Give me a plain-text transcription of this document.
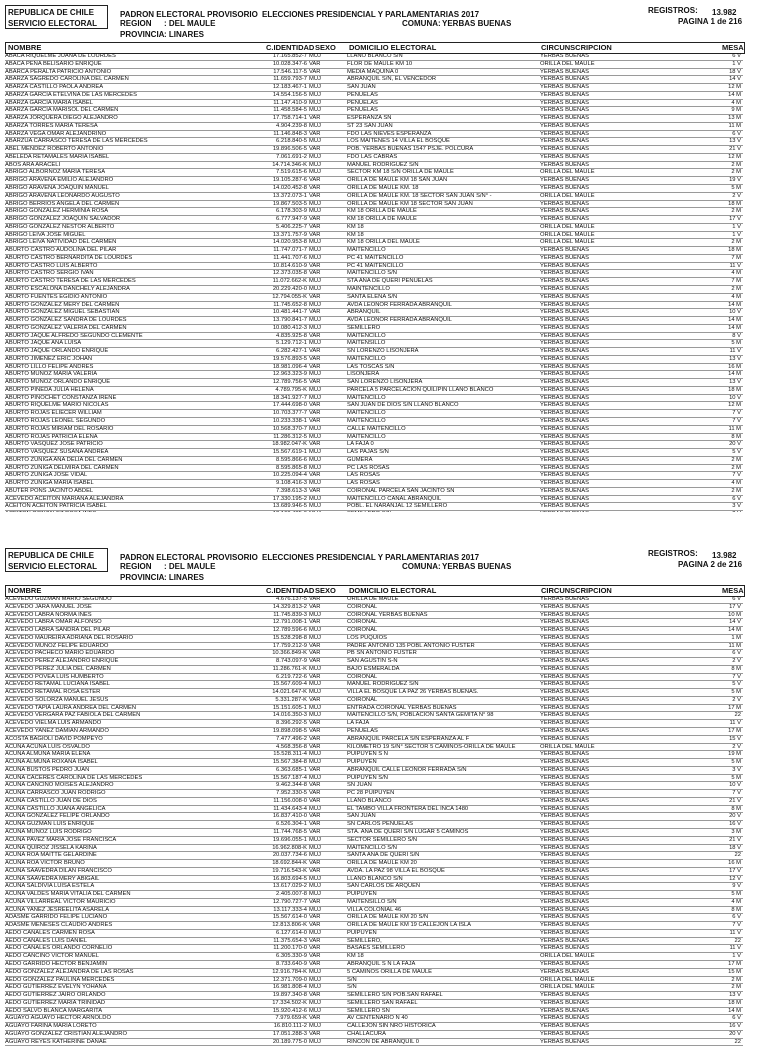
REPUBLICA DE CHILE
SERVICIO ELECTORAL
PADRON ELECTORAL PROVISORIO ELECCIONES PRESIDENCIAL Y PARLAMENTARIAS 2017
REGION : DEL MAULE
PROVINCIA : LINARES
COMUNA: YERBAS BUENAS
REGISTROS: 13.982
PAGINA 1 de 216
NOMBRE	C.IDENTIDAD SEXO DOMICILIO ELECTORAL	CIRCUNSCRIPCION	MESA
ABACA RIQUELME JUANA DE LOURDES	17.165.852-7 MUJ	LLANO BLANCO S/N	YERBAS BUENAS	6 V
ABACA PEÑA BELISARIO ENRIQUE	10.028.347-6 VAR	FLOR DE MAULE KM 10	ORILLA DEL MAULE	1 V
ABARCA PERALTA PATRICIO ANTONIO	17.546.117-5 VAR	MEDIA MAQUINA 0	YERBAS BUENAS	18 V
ABARZA SAGREDO CAROLINA DEL CARMEN	11.659.793-7 MUJ	ABRANQUIL S/N, EL VENCEDOR	YERBAS BUENAS	14 V
ABARZA CASTILLO PAOLA ANDREA	12.183.467-1 MUJ	SAN JUAN	YERBAS BUENAS	12 M
ABARZA GARCIA ETELVINA DE LAS MERCEDES	14.554.156-5 MUJ	PEÑUELAS	YERBAS BUENAS	14 M
ABARZA GARCIA MARIA ISABEL	11.147.410-9 MUJ	PEÑUELAS	YERBAS BUENAS	4 M
ABARZA GARCIA MARISOL DEL CARMEN	11.458.584-5 MUJ	PEÑUELAS	YERBAS BUENAS	9 M
ABARZA JORQUERA DIEGO ALEJANDRO	17.758.714-1 VAR	ESPERANZA SN	YERBAS BUENAS	13 M
ABARZA TORRES MARIA TERESA	4.904.239-8 MUJ	ST 23 SAN JUAN	YERBAS BUENAS	11 M
ABARZA VEGA OMAR ALEJANDRINO	11.146.848-3 VAR	FDO LAS NIEVES ESPERANZA	YERBAS BUENAS	6 V
ABARZUA CARRASCO TERESA DE LAS MERCEDES	6.218.840-5 MUJ	LOS MAITENES 14 VILLA EL BOSQUE	YERBAS BUENAS	13 V
ABEL MENDEZ ROBERTO ANTONIO	19.896.506-5 VAR	POB. YERBAS BUENAS 1547 PSJE. POLCURA	YERBAS BUENAS	21 V
ABELEDA RETAMALES MARIA ISABEL	7.061.691-2 MUJ	FDO LAS CABRAS	YERBAS BUENAS	12 M
ABOS ARA ARACELI	14.714.346-K MUJ	MANUEL RODRIGUEZ S/N	YERBAS BUENAS	2 M
ABRIGO ALBORNOZ MARIA TERESA	7.519.615-6 MUJ	SECTOR KM 18 S/N ORILLA DE MAULE	ORILLA DEL MAULE	2 M
ABRIGO ARAVENA EMILIO ALEJANDRO	19.105.287-6 VAR	ORILLA DE MAULE KM 18 SAN JUAN	YERBAS BUENAS	19 V
ABRIGO ARAVENA JOAQUIN MANUEL	14.020.452-8 VAR	ORILLA DE MAULE KM. 18	YERBAS BUENAS	5 M
ABRIGO ARAVENA LEONARDO AUGUSTO	13.372.073-1 VAR	ORILLA DE MAULE KM. 18 SECTOR SAN JUAN S/N° -	ORILLA DEL MAULE	2 V
ABRIGO BERRIOS ANGELA DEL CARMEN	19.867.503-5 MUJ	ORILLA DE MAULE KM 18 SECTOR SAN JUAN	YERBAS BUENAS	18 M
ABRIGO GONZALEZ HERMINIA ROSA	6.178.303-9 MUJ	KM 18 ORILLA DE MAULE	YERBAS BUENAS	2 M
ABRIGO GONZALEZ JOAQUIN SALVADOR	6.777.947-9 VAR	KM 18 ORILLA DE MAULE	YERBAS BUENAS	17 V
ABRIGO GONZALEZ NESTOR ALBERTO	5.406.225-7 VAR	KM 18	ORILLA DEL MAULE	1 V
ABRIGO LEIVA JOSE MIGUEL	13.371.757-9 VAR	KM 18	ORILLA DEL MAULE	1 V
ABRIGO LEIVA NATIVIDAD DEL CARMEN	14.020.953-8 MUJ	KM 18 ORILLA DEL MAULE	ORILLA DEL MAULE	2 M
ABURTO CASTRO AUDOLINA DEL PILAR	11.747.071-7 MUJ	MAITENCILLO	YERBAS BUENAS	18 M
ABURTO CASTRO BERNARDITA DE LOURDES	11.441.707-6 MUJ	PC 41 MAITENCILLO	YERBAS BUENAS	7 M
ABURTO CASTRO LUIS ALBERTO	10.814.610-9 VAR	PC 41 MAITENCILLO	YERBAS BUENAS	11 V
ABURTO CASTRO SERGIO IVAN	12.373.035-8 VAR	MAITENCILLO S/N	YERBAS BUENAS	4 M
ABURTO CASTRO TERESA DE LAS MERCEDES	11.072.662-K MUJ	STA ANA DE QUERI PEÑUELAS	YERBAS BUENAS	7 M
ABURTO ESCALONA DANCHELY ALEJANDRA	20.229.420-0 MUJ	MAINTENCILLO	YERBAS BUENAS	2 M
ABURTO FUENTES EGIDIO ANTONIO	12.794.055-K VAR	SANTA ELENA S/N	YERBAS BUENAS	4 M
ABURTO GONZALEZ MERY DEL CARMEN	11.745.652-8 MUJ	AVDA LEONOR FERRADA ABRANQUIL	YERBAS BUENAS	14 M
ABURTO GONZALEZ MIGUEL SEBASTIAN	10.481.441-7 VAR	ABRANQUIL	YERBAS BUENAS	10 V
ABURTO GONZALEZ SANDRA DE LOURDES	13.790.841-7 MUJ	AVDA LEONOR FERRADA ABRANQUIL	YERBAS BUENAS	14 M
ABURTO GONZALEZ VALERIA DEL CARMEN	10.080.412-3 MUJ	SEMILLERO	YERBAS BUENAS	14 M
ABURTO JAQUE ALFREDO SEGUNDO CLEMENTE	4.835.925-8 VAR	MAITENCILLO	YERBAS BUENAS	8 V
ABURTO JAQUE ANA LUISA	5.129.712-1 MUJ	MAITENSILLO	YERBAS BUENAS	5 M
ABURTO JAQUE ORLANDO ENRIQUE	6.282.427-1 VAR	SN LORENZO LISONJERA	YERBAS BUENAS	11 V
ABURTO JIMENEZ ERIC JOHAN	19.576.893-5 VAR	MAITENCILLO	YERBAS BUENAS	13 V
ABURTO LILLO FELIPE ANDRES	18.981.096-4 VAR	LAS TOSCAS S/N	YERBAS BUENAS	16 M
ABURTO MUÑOZ MARIA VALERIA	12.963.323-9 MUJ	LISONJERA	YERBAS BUENAS	14 M
ABURTO MUÑOZ ORLANDO ENRIQUE	12.789.756-5 VAR	SAN LORENZO LISONJERA	YERBAS BUENAS	13 V
ABURTO PINEDA JULIA HELENA	4.789.795-K MUJ	PARCELA 5 PARCELACION QUILIPIN LLANO BLANCO	YERBAS BUENAS	18 M
ABURTO PINOCHET CONSTANZA IRENE	18.341.927-7 MUJ	MAITENCILLO	YERBAS BUENAS	10 V
ABURTO RIQUELME MARIO NICOLAS	17.444.698-0 VAR	SAN JUAN DE DIOS S/N LLANO BLANCO	YERBAS BUENAS	12 M
ABURTO ROJAS ELIECER WILLIAM	10.703.377-7 VAR	MAITENCILLO	YERBAS BUENAS	7 V
ABURTO ROJAS LEONEL SEGUNDO	10.233.338-1 VAR	MAITENCILLO	YERBAS BUENAS	7 V
ABURTO ROJAS MIRIAM DEL ROSARIO	10.568.370-7 MUJ	CALLE MAITENCILLO	YERBAS BUENAS	11 M
ABURTO ROJAS PATRICIA ELENA	11.286.312-5 MUJ	MAITENCILLO	YERBAS BUENAS	8 M
ABURTO VASQUEZ JOSE PATRICIO	18.982.047-K VAR	LA FAJA 0	YERBAS BUENAS	20 V
ABURTO VASQUEZ SUSANA ANDREA	15.567.619-1 MUJ	LAS PAJAS S/N	YERBAS BUENAS	5 V
ABURTO ZUÑIGA ANA DELIA DEL CARMEN	8.595.866-6 MUJ	GUMERA	YERBAS BUENAS	2 M
ABURTO ZUÑIGA DELMIRA DEL CARMEN	8.595.865-8 MUJ	PC LAS ROSAS	YERBAS BUENAS	2 M
ABURTO ZUÑIGA JOSE VIDAL	10.225.094-4 VAR	LAS ROSAS	YERBAS BUENAS	7 V
ABURTO ZUÑIGA MARIA ISABEL	9.108.416-3 MUJ	LAS ROSAS	YERBAS BUENAS	4 M
ABUTER PONS JACINTO ABDEL	7.398.613-3 VAR	COIRONAL PARCELA SAN JACINTO SN	YERBAS BUENAS	2 M
ACEVEDO ACEITON MARIANA ALEJANDRA	17.330.195-2 MUJ	MAITENCILLO CANAL ABRANQUIL	YERBAS BUENAS	6 V
ACEITON ACEITON PATRICIA ISABEL	13.689.946-5 MUJ	POBL. EL NARANJAL 12 SEMILLERO	YERBAS BUENAS	3 V
REPUBLICA DE CHILE
SERVICIO ELECTORAL
PADRON ELECTORAL PROVISORIO ELECCIONES PRESIDENCIAL Y PARLAMENTARIAS 2017
REGION : DEL MAULE
PROVINCIA : LINARES
COMUNA: YERBAS BUENAS
REGISTROS: 13.982
PAGINA 2 de 216
NOMBRE	C.IDENTIDAD SEXO DOMICILIO ELECTORAL	CIRCUNSCRIPCION	MESA
ACEVEDO GUZMAN MARIO SEGUNDO	4.676.137-5 VAR	ORILLA DE MAULE	YERBAS BUENAS	6 V
ACEVEDO JARA MANUEL JOSE	14.329.813-2 VAR	COIRONAL	YERBAS BUENAS	17 V
ACEVEDO LABRA NORMA INES	11.745.839-3 MUJ	COIRONAL YERBAS BUENAS	YERBAS BUENAS	10 M
ACEVEDO LABRA OMAR ALFONSO	12.791.008-1 VAR	COIRONAL	YERBAS BUENAS	14 V
ACEVEDO LABRA SANDRA DEL PILAR	12.789.596-6 MUJ	COIRONAL	YERBAS BUENAS	14 M
ACEVEDO MAUREIRA ADRIANA DEL ROSARIO	15.528.298-8 MUJ	LOS PUQUIOS	YERBAS BUENAS	1 M
ACEVEDO MUÑOZ FELIPE EDUARDO	17.759.212-9 VAR	PADRE ANTONIO 135 POBL ANTONIO FUSTER	YERBAS BUENAS	11 M
ACEVEDO PACHECO MARIO EDUARDO	10.366.849-K VAR	PB SN ANTONIO FUSTER	YERBAS BUENAS	6 V
ACEVEDO PEREZ ALEJANDRO ENRIQUE	8.743.097-9 VAR	SAN AGUSTIN S-N	YERBAS BUENAS	2 V
ACEVEDO PEREZ JULIA DEL CARMEN	11.286.761-K MUJ	BAJO ESMERALDA	YERBAS BUENAS	8 M
ACEVEDO POVEA LUIS HUMBERTO	6.219.722-6 VAR	COIRONAL	YERBAS BUENAS	7 V
ACEVEDO RETAMAL LUCIANA ISABEL	15.567.609-4 MUJ	MANUEL RODRIGUEZ S/N	YERBAS BUENAS	5 V
ACEVEDO RETAMAL ROSA ESTER	14.021.647-K MUJ	VILLA EL BOSQUE LA PAZ 26 YERBAS BUENAS.	YERBAS BUENAS	5 M
ACEVEDO SOLORZA MANUEL JESUS	5.331.287-K VAR	COIRONAL	YERBAS BUENAS	2 V
ACEVEDO TAPIA LAURA ANDREA DEL CARMEN	15.151.605-1 MUJ	ENTRADA COIRONAL YERBAS BUENAS	YERBAS BUENAS	17 M
ACEVEDO VERGARA PAZ FABIOLA DEL CARMEN	14.016.350-3 MUJ	MAITENCILLO S/N, POBLACION SANTA GEMITA N° 98	YERBAS BUENAS	22
ACEVEDO VIELMA LUIS ARMANDO	8.396.292-5 VAR	LA FAJA	YERBAS BUENAS	11 V
ACEVEDO YAÑEZ DAMIAN ARMANDO	19.898.098-5 VAR	PEÑUELAS	YERBAS BUENAS	17 M
ACOSTA BAGIOLI DAVID POMPEYO	7.477.496-2 VAR	ABRANQUIL PARCELA S/N ESPERANZA AL F	YERBAS BUENAS	15 V
ACUÑA ACUÑA LUIS OSVALDO	4.568.356-8 VAR	KILOMETRO 19 S/N° SECTOR 5 CAMINOS-ORILLA DE MAULE	ORILLA DEL MAULE	2 V
ACUÑA ALMUNA MARIA ELENA	15.528.311-4 MUJ	PUIPUYEN S N	YERBAS BUENAS	19 M
ACUÑA ALMUNA ROXANA ISABEL	15.567.384-8 MUJ	PUIPUYEN	YERBAS BUENAS	5 M
ACUÑA BUSTOS PEDRO JUAN	6.363.685-1 VAR	ABRANQUIL CALLE LEONOR FERRADA S/N	YERBAS BUENAS	3 V
ACUÑA CACERES CAROLINA DE LAS MERCEDES	15.567.187-4 MUJ	PUIPUYEN S/N	YERBAS BUENAS	5 M
ACUÑA CANCINO MOISES ALEJANDRO	9.462.344-8 VAR	SN JUAN	YERBAS BUENAS	10 V
ACUÑA CARRASCO JUAN RODRIGO	7.952.330-5 VAR	PC 28 PUIPUYEN	YERBAS BUENAS	7 V
ACUÑA CASTILLO JUAN DE DIOS	11.156.008-0 VAR	LLANO BLANCO	YERBAS BUENAS	21 V
ACUÑA CASTILLO JUANA ANGELICA	11.434.643-4 MUJ	EL TAMBO VILLA FRONTERA DEL INCA 1480	YERBAS BUENAS	8 M
ACUÑA GONZALEZ FELIPE ORLANDO	16.837.410-0 VAR	SAN JUAN	YERBAS BUENAS	20 V
ACUÑA GUZMAN LUIS ENRIQUE	6.526.304-1 VAR	SN CARLOS PEÑUELAS	YERBAS BUENAS	16 V
ACUÑA MUÑOZ LUIS RODRIGO	11.744.768-5 VAR	STA. ANA DE QUERI S/N LUGAR 5 CAMINOS	YERBAS BUENAS	3 M
ACUÑA PAVEZ MARIA JOSE FRANCISCA	19.696.055-1 MUJ	SECTOR SEMILLERO S/N	YERBAS BUENAS	21 V
ACUÑA QUIROZ JISSELA KARINA	16.962.808-K MUJ	MAITENCILLO S/N	YERBAS BUENAS	18 V
ACUÑA ROA MAITTE GELARDINE	20.037.734-6 MUJ	SANTA ANA DE QUERI S/N	YERBAS BUENAS	22
ACUÑA ROA VICTOR BRUNO	18.692.844-K VAR	ORILLA DE MAULE KM 20	YERBAS BUENAS	16 M
ACUÑA SAAVEDRA DILAN FRANCISCO	19.716.543-K VAR	AVDA. LA PAZ 98 VILLA EL BOSQUE	YERBAS BUENAS	17 V
ACUÑA SAAVEDRA MERY ABIGAIL	16.803.694-5 MUJ	LLANO BLANCO S/N	YERBAS BUENAS	12 V
ACUÑA SALDIVIA LUISA ESTELA	13.617.029-2 MUJ	SAN CARLOS DE ARQUEN	YERBAS BUENAS	9 V
ACUÑA VALDES MARIA VITALIA DEL CARMEN	2.405.007-8 MUJ	PUIPUYEN	YERBAS BUENAS	5 M
ACUÑA VILLARREAL VICTOR MAURICIO	12.790.727-7 VAR	MAITENSILLO S/N	YERBAS BUENAS	4 M
ACUÑA YAÑEZ JESREELITA ASARELA	13.117.333-4 MUJ	VILLA COLONIAL 46	YERBAS BUENAS	8 M
ADASME GARRIDO FELIPE LUCIANO	15.567.614-0 VAR	ORILLA DE MAULE KM 20 S/N	YERBAS BUENAS	6 V
ADASME MENESES CLAUDIO ANDRES	12.813.806-K VAR	ORILLA DE MAULE KM 19 CALLEJON LA ISLA	YERBAS BUENAS	7 V
AEDO CANALES CARMEN ROSA	6.127.614-0 MUJ	PUIPUYEN	YERBAS BUENAS	11 V
AEDO CANALES LUIS DANIEL	11.375.654-3 VAR	SEMILLERO,	YERBAS BUENAS	22
AEDO CANALES ORLANDO CORNELIO	11.200.170-0 VAR	BASAES SEMILLERO	YERBAS BUENAS	11 V
AEDO CANCINO VICTOR MANUEL	6.305.330-9 VAR	KM 18	ORILLA DEL MAULE	1 V
AEDO GARRIDO HECTOR BENJAMIN	8.733.640-9 VAR	ABRANQUIL S N LA FAJA	YERBAS BUENAS	17 M
AEDO GONZALEZ ALEJANDRA DE LAS ROSAS	12.916.784-K MUJ	5 CAMINOS ORILLA DE MAULE	YERBAS BUENAS	15 M
AEDO GONZALEZ PAULINA MERCEDES	12.371.709-0 MUJ	S/N	ORILLA DEL MAULE	2 M
AEDO GUTIERREZ EVELYN YOHANA	16.981.808-4 MUJ	S/N	ORILLA DEL MAULE	2 M
AEDO GUTIERREZ JAIRO ORLANDO	19.897.340-8 VAR	SEMILLERO S/N POB.SAN RAFAEL	YERBAS BUENAS	13 V
AEDO GUTIERREZ MARIA TRINIDAD	17.334.502-K MUJ	SEMILLERO SAN RAFAEL	YERBAS BUENAS	18 M
AEDO SALVO BLANCA MARGARITA	15.920.412-6 MUJ	SEMILLERO SN	YERBAS BUENAS	14 M
AGUAYO AGUAYO HECTOR ARNOLDO	7.979.659-K VAR	AV CENTENARIO N 40	YERBAS BUENAS	6 V
AGUAYO FARIÑA MARIA LORETO	16.810.111-2 MUJ	CALLEJON SIN NRO HISTORICA	YERBAS BUENAS	16 V
AGUAYO GONZALEZ CRISTIAN ALEJANDRO	17.051.288-3 VAR	CHALLACURA	YERBAS BUENAS	20 V
AGUAYO REYES KATHERINE DANAE	20.189.775-0 MUJ	RINCON DE ABRANQUIL 0	YERBAS BUENAS	22
